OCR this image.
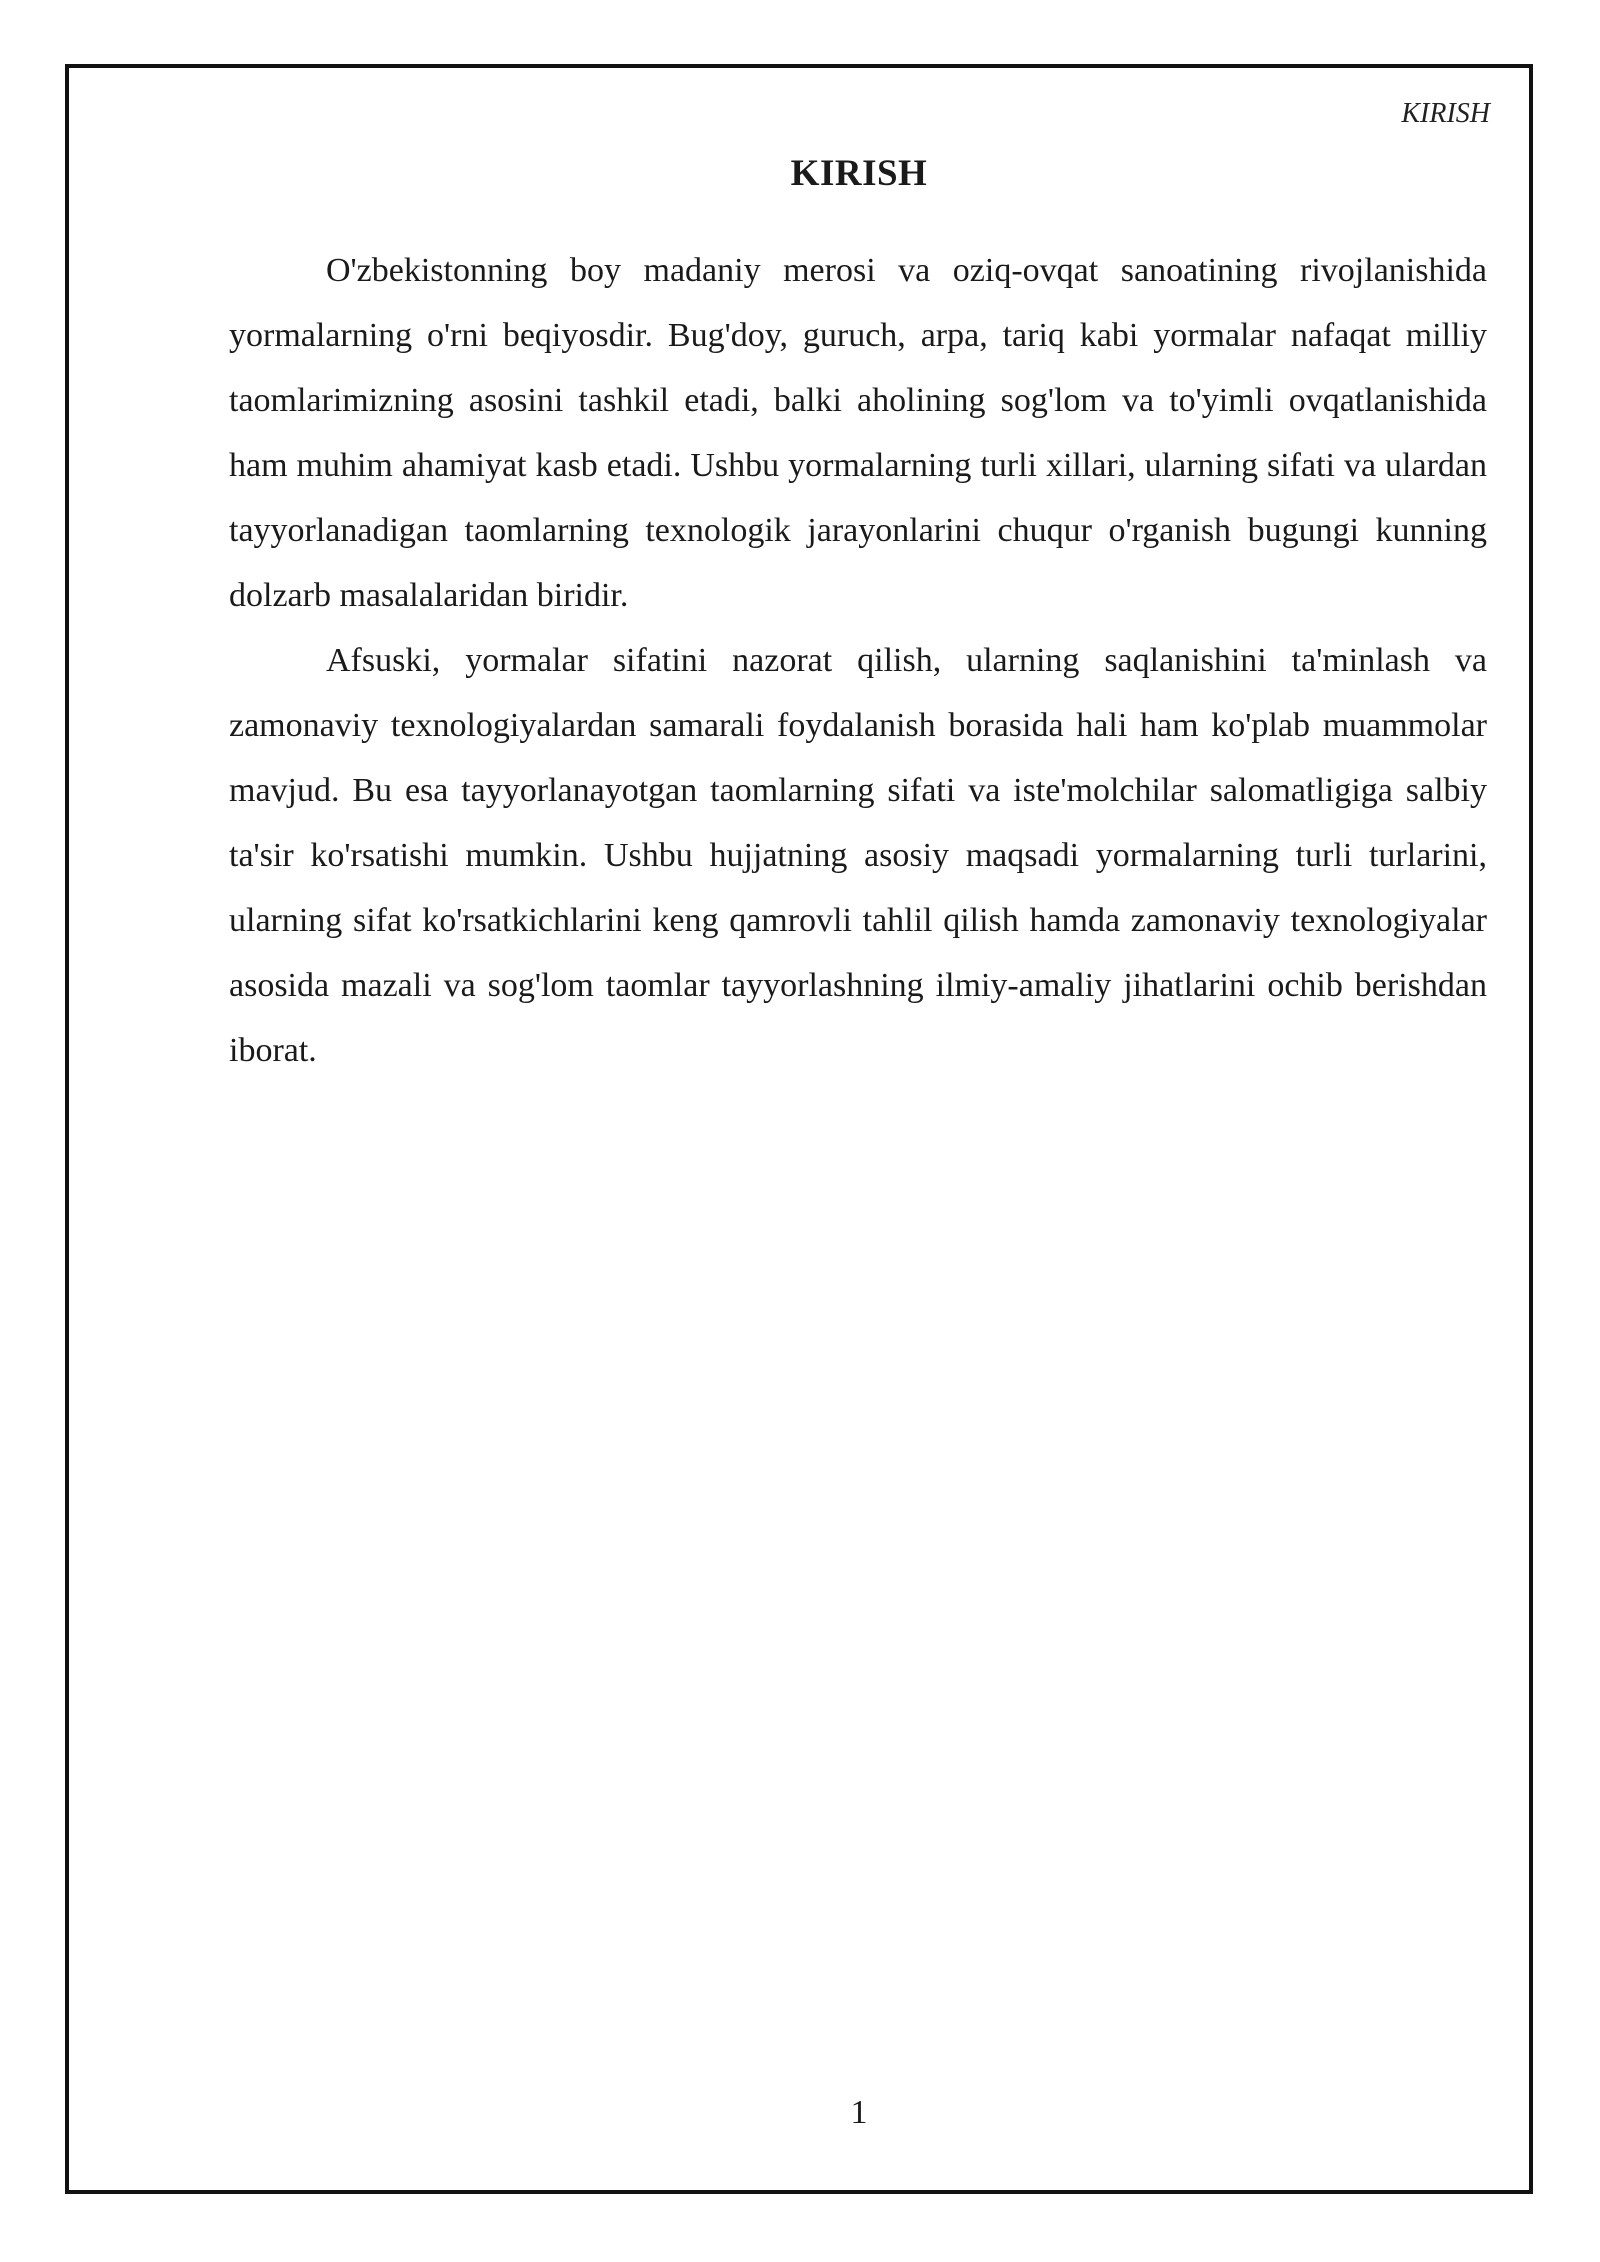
KIRISH
KIRISH

O'zbekistonning boy madaniy merosi va oziq-ovqat sanoatining rivojlanishida yormalarning o'rni beqiyosdir. Bug'doy, guruch, arpa, tariq kabi yormalar nafaqat milliy taomlarimizning asosini tashkil etadi, balki aholining sog'lom va to'yimli ovqatlanishida ham muhim ahamiyat kasb etadi. Ushbu yormalarning turli xillari, ularning sifati va ulardan tayyorlanadigan taomlarning texnologik jarayonlarini chuqur o'rganish bugungi kunning dolzarb masalalaridan biridir.

Afsuski, yormalar sifatini nazorat qilish, ularning saqlanishini ta'minlash va zamonaviy texnologiyalardan samarali foydalanish borasida hali ham ko'plab muammolar mavjud. Bu esa tayyorlanayotgan taomlarning sifati va iste'molchilar salomatligiga salbiy ta'sir ko'rsatishi mumkin. Ushbu hujjatning asosiy maqsadi yormalarning turli turlarini, ularning sifat ko'rsatkichlarini keng qamrovli tahlil qilish hamda zamonaviy texnologiyalar asosida mazali va sog'lom taomlar tayyorlashning ilmiy-amaliy jihatlarini ochib berishdan iborat.

1
